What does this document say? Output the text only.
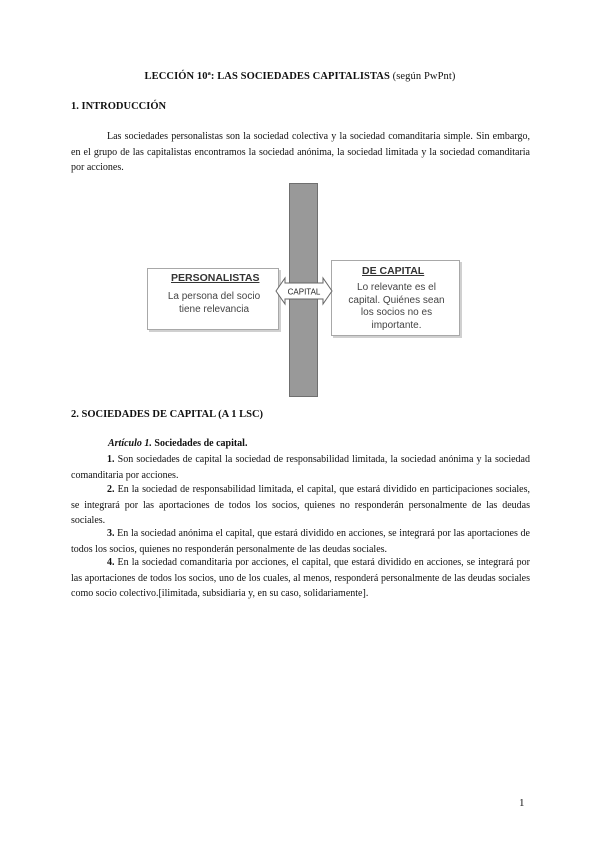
LECCIÓN 10ª: LAS SOCIEDADES CAPITALISTAS (según PwPnt)
1. INTRODUCCIÓN

Las sociedades personalistas son la sociedad colectiva y la sociedad comanditaria simple. Sin embargo, en el grupo de las capitalistas encontramos la sociedad anónima, la sociedad limitada y la sociedad comanditaria por acciones.

PERSONALISTAS
La persona del socio
tiene relevancia
DE CAPITAL
Lo relevante es el
capital. Quiénes sean
los socios no es
importante.
CAPITAL
2. SOCIEDADES DE CAPITAL (A 1 LSC)
Artículo 1. Sociedades de capital.

1. Son sociedades de capital la sociedad de responsabilidad limitada, la sociedad anónima y la sociedad comanditaria por acciones.

2. En la sociedad de responsabilidad limitada, el capital, que estará dividido en participaciones sociales, se integrará por las aportaciones de todos los socios, quienes no responderán personalmente de las deudas sociales.

3. En la sociedad anónima el capital, que estará dividido en acciones, se integrará por las aportaciones de todos los socios, quienes no responderán personalmente de las deudas sociales.

4. En la sociedad comanditaria por acciones, el capital, que estará dividido en acciones, se integrará por las aportaciones de todos los socios, uno de los cuales, al menos, responderá personalmente de las deudas sociales como socio colectivo.[ilimitada, subsidiaria y, en su caso, solidariamente].

1
